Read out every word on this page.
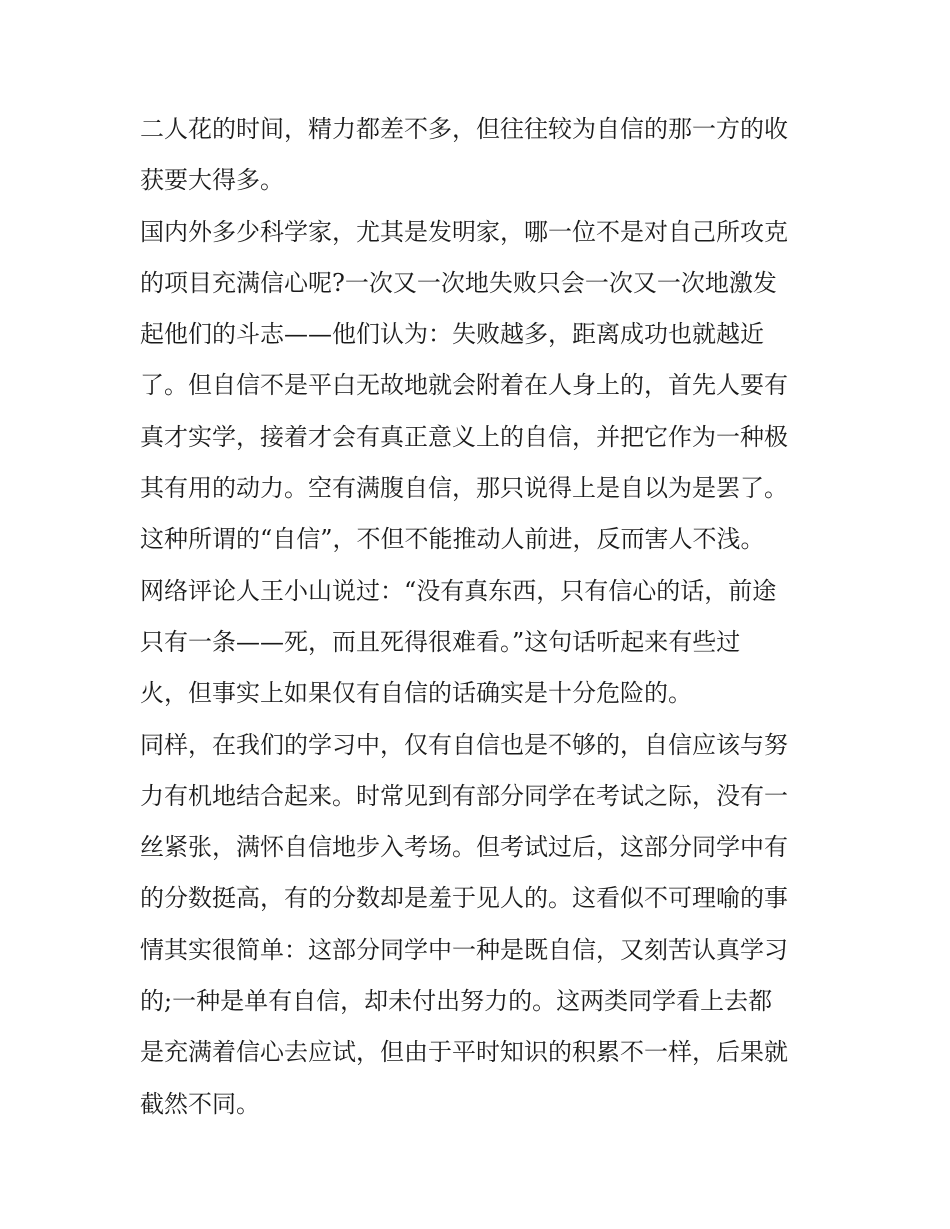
二人花的时间，精力都差不多，但往往较为自信的那一方的收
获要大得多。
国内外多少科学家，尤其是发明家，哪一位不是对自己所攻克
的项目充满信心呢?一次又一次地失败只会一次又一次地激发
起他们的斗志——他们认为：失败越多，距离成功也就越近
了。但自信不是平白无故地就会附着在人身上的，首先人要有
真才实学，接着才会有真正意义上的自信，并把它作为一种极
其有用的动力。空有满腹自信，那只说得上是自以为是罢了。
这种所谓的“自信”，不但不能推动人前进，反而害人不浅。
网络评论人王小山说过：“没有真东西，只有信心的话，前途
只有一条——死，而且死得很难看。”这句话听起来有些过
火，但事实上如果仅有自信的话确实是十分危险的。
同样，在我们的学习中，仅有自信也是不够的，自信应该与努
力有机地结合起来。时常见到有部分同学在考试之际，没有一
丝紧张，满怀自信地步入考场。但考试过后，这部分同学中有
的分数挺高，有的分数却是羞于见人的。这看似不可理喻的事
情其实很简单：这部分同学中一种是既自信，又刻苦认真学习
的;一种是单有自信，却未付出努力的。这两类同学看上去都
是充满着信心去应试，但由于平时知识的积累不一样，后果就
截然不同。
